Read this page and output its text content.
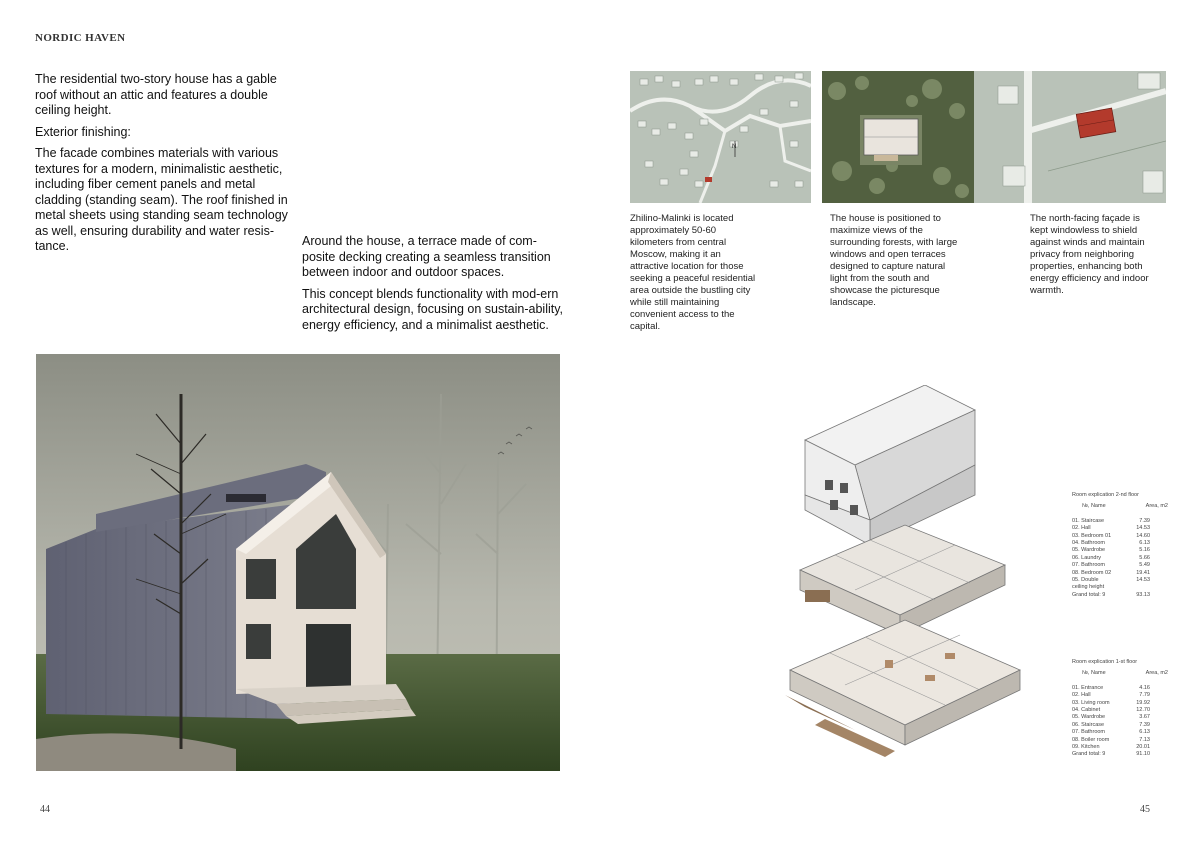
NORDIC HAVEN

The residential two-story house has a gable roof without an attic and features a double ceiling height.

Exterior finishing:

The facade combines materials with various textures for a modern, minimalistic aesthetic, including fiber cement panels and metal cladding (standing seam). The roof finished in metal sheets using standing seam technology as well, ensuring durability and water resis-tance.	Around the house, a terrace made of com-posite decking creating a seamless transition between indoor and outdoor spaces.

This concept blends functionality with mod-ern architectural design, focusing on sustain-ability, energy efficiency, and a minimalist aesthetic.

N
Zhilino-Malinki is located approximately 50-60 kilometers from central Moscow, making it an attractive location for those seeking a peaceful residential area outside the bustling city while still maintaining convenient access to the capital.
The house is positioned to maximize views of the surrounding forests, with large windows and open terraces designed to capture natural light from the south and showcase the picturesque landscape.
The north-facing façade is kept windowless to shield against winds and maintain privacy from neighboring properties, enhancing both energy efficiency and indoor warmth.
Room explication 2-nd floor
№, Name	Area, m2
01. Staircase	7.39
02. Hall	14.53
03. Bedroom 01	14.60
04. Bathroom	6.13
05. Wardrobe	5.16
06. Laundry	5.66
07. Bathroom	5.49
08. Bedroom 02	19.41
05. Double	14.53
ceiling height
Grand total: 9	93.13
Room explication 1-st floor
№, Name	Area, m2
01. Entrance	4.16
02. Hall	7.79
03. Living room	19.92
04. Cabinet	12.70
05. Wardrobe	3.67
06. Staircase	7.39
07. Bathroom	6.13
08. Boiler room	7.13
09. Kitchen	20.01
Grand total: 9	91.10
44	45
